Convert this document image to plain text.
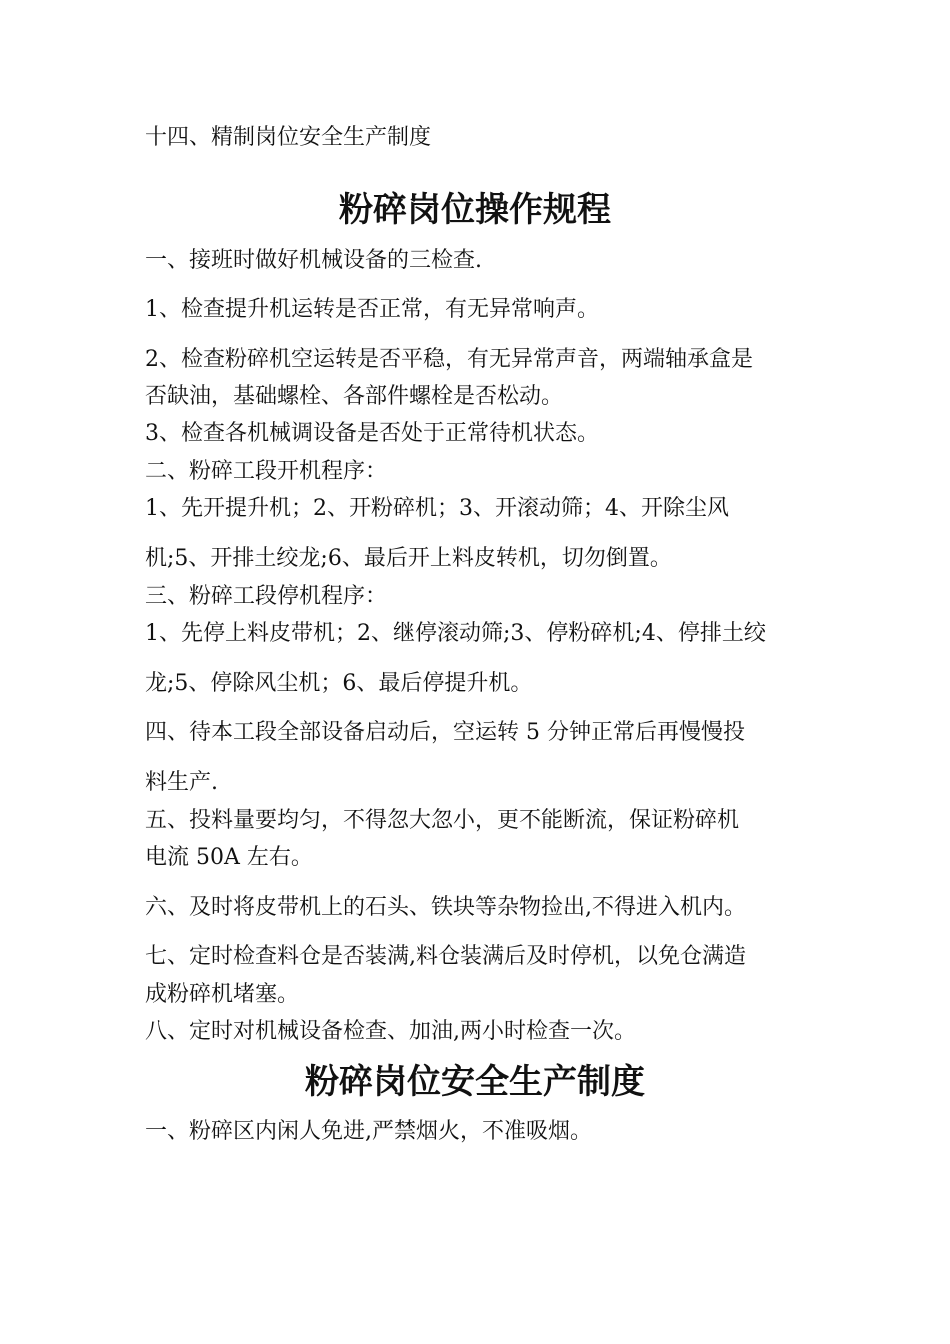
十四、精制岗位安全生产制度
粉碎岗位操作规程
一、接班时做好机械设备的三检查.
1、检查提升机运转是否正常，有无异常响声。
2、检查粉碎机空运转是否平稳，有无异常声音，两端轴承盒是
否缺油，基础螺栓、各部件螺栓是否松动。
3、检查各机械调设备是否处于正常待机状态。
二、粉碎工段开机程序：
1、先开提升机；2、开粉碎机；3、开滚动筛；4、开除尘风
机;5、开排土绞龙;6、最后开上料皮转机，切勿倒置。
三、粉碎工段停机程序：
1、先停上料皮带机；2、继停滚动筛;3、停粉碎机;4、停排土绞
龙;5、停除风尘机；6、最后停提升机。
四、待本工段全部设备启动后，空运转 5 分钟正常后再慢慢投
料生产.
五、投料量要均匀，不得忽大忽小，更不能断流，保证粉碎机
电流 50A 左右。
六、及时将皮带机上的石头、铁块等杂物捡出,不得进入机内。
七、定时检查料仓是否装满,料仓装满后及时停机，以免仓满造
成粉碎机堵塞。
八、定时对机械设备检查、加油,两小时检查一次。
粉碎岗位安全生产制度
一、粉碎区内闲人免进,严禁烟火，不准吸烟。
